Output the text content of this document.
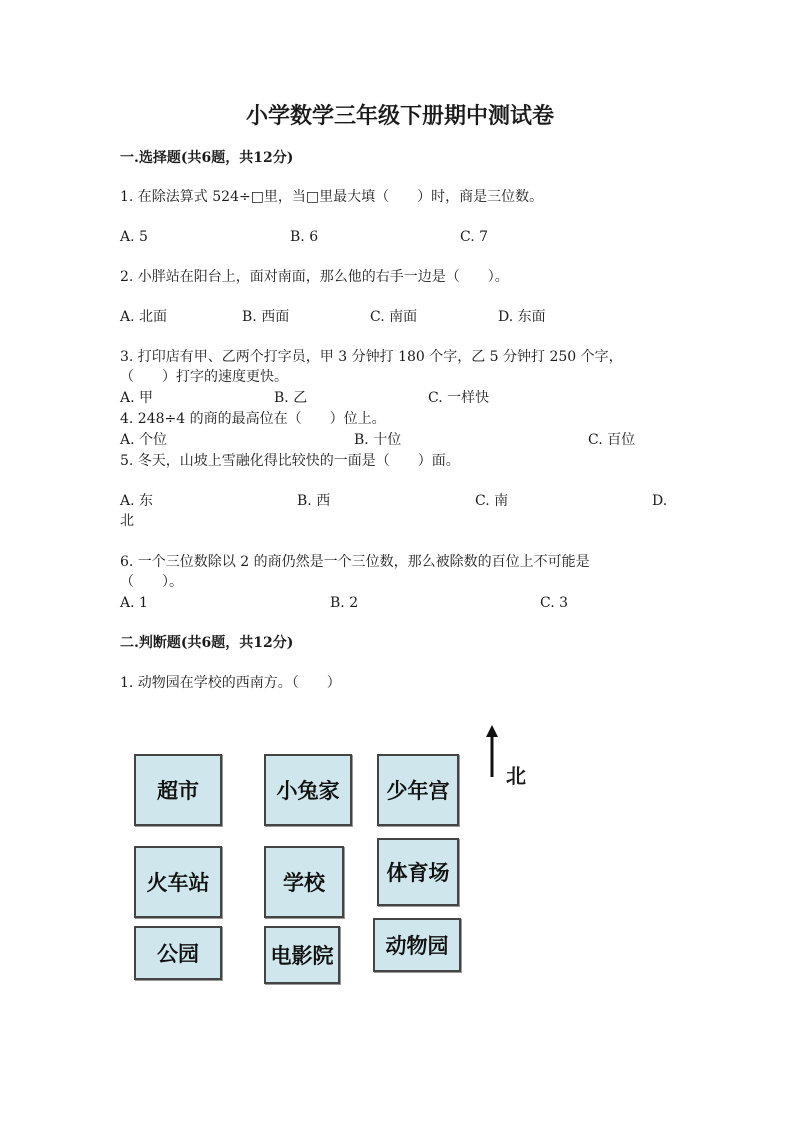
小学数学三年级下册期中测试卷
一.选择题(共6题，共12分)
1. 在除法算式 524÷□里，当□里最大填（　　）时，商是三位数。
A. 5	B. 6	C. 7
2. 小胖站在阳台上，面对南面，那么他的右手一边是（　　）。
A. 北面	B. 西面	C. 南面	D. 东面
3. 打印店有甲、乙两个打字员，甲 3 分钟打 180 个字，乙 5 分钟打 250 个字，
（　　）打字的速度更快。
A. 甲	B. 乙	C. 一样快
4. 248÷4 的商的最高位在（　　）位上。
A. 个位	B. 十位	C. 百位
5. 冬天，山坡上雪融化得比较快的一面是（　　）面。
A. 东	B. 西	C. 南	D.
北
6. 一个三位数除以 2 的商仍然是一个三位数，那么被除数的百位上不可能是
（　　）。
A. 1	B. 2	C. 3
二.判断题(共6题，共12分)
1. 动物园在学校的西南方。（　　）
超市	小兔家	少年宫
火车站	学校	体育场
公园	电影院	动物园
北
